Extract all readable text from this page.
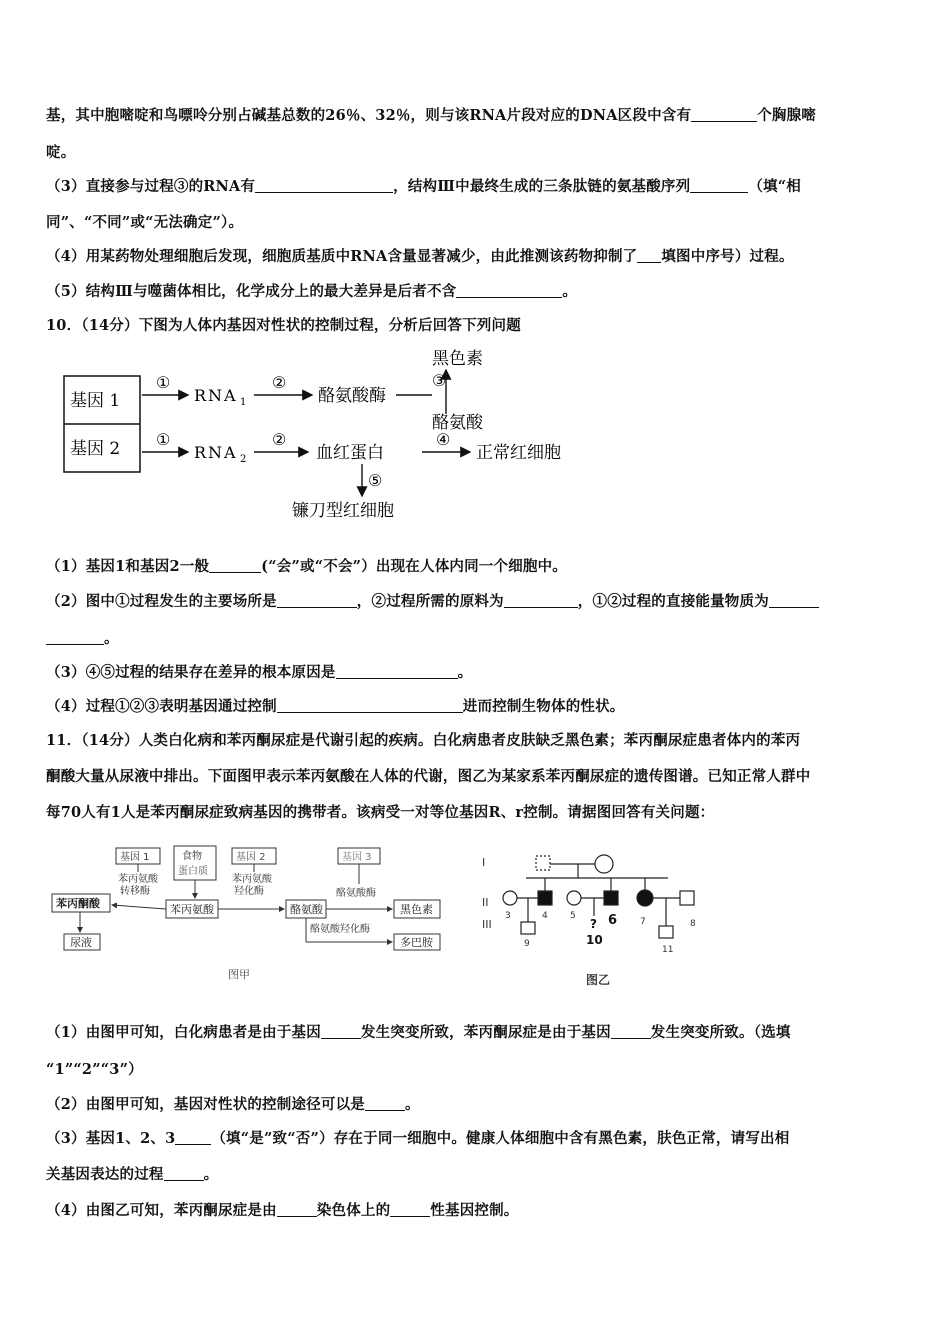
基，其中胞嘧啶和鸟嘌呤分别占碱基总数的26％、32％，则与该RNA片段对应的DNA区段中含有	个胸腺嘧
啶。
（3）直接参与过程③的RNA有	，结构Ⅲ中最终生成的三条肽链的氨基酸序列	（填“相
同”、“不同”或“无法确定”）。
（4）用某药物处理细胞后发现，细胞质基质中RNA含量显著减少，由此推测该药物抑制了 填图中序号）过程。
（5）结构Ⅲ与噬菌体相比，化学成分上的最大差异是后者不含	。
10．（14分）下图为人体内基因对性状的控制过程，分析后回答下列问题
基因 1
基因 2
①
RNA 1
②
酪氨酸酶
黑色素
③
酪氨酸
①
RNA 2
②
血红蛋白
④
正常红细胞
⑤
镰刀型红细胞
（1）基因1和基因2一般	(“会”或“不会”）出现在人体内同一个细胞中。
（2）图中①过程发生的主要场所是	，②过程所需的原料为	，①②过程的直接能量物质为
。
（3）④⑤过程的结果存在差异的根本原因是	。
（4）过程①②③表明基因通过控制	进而控制生物体的性状。
11．（14分）人类白化病和苯丙酮尿症是代谢引起的疾病。白化病患者皮肤缺乏黑色素；苯丙酮尿症患者体内的苯丙
酮酸大量从尿液中排出。下面图甲表示苯丙氨酸在人体的代谢，图乙为某家系苯丙酮尿症的遗传图谱。已知正常人群中
每70人有1人是苯丙酮尿症致病基因的携带者。该病受一对等位基因R、r控制。请据图回答有关问题：
基因 1	食物
蛋白质
基因 2	基因 3
苯丙氨酸
转移酶
苯丙氨酸
羟化酶	酪氨酸酶
苯丙酮酸	苯丙氨酸	酪氨酸	黑色素
尿液
酪氨酸羟化酶
多巴胺
图甲
I
II
III
3	4 5 6	7	8
9
?
10
11
图乙
（1）由图甲可知，白化病患者是由于基因	发生突变所致，苯丙酮尿症是由于基因	发生突变所致。（选填
“1”“2”“3”）
（2）由图甲可知，基因对性状的控制途径可以是	。
（3）基因1、2、3 （填“是”致“否”）存在于同一细胞中。健康人体细胞中含有黑色素，肤色正常，请写出相
关基因表达的过程	。
（4）由图乙可知，苯丙酮尿症是由	染色体上的	性基因控制。
